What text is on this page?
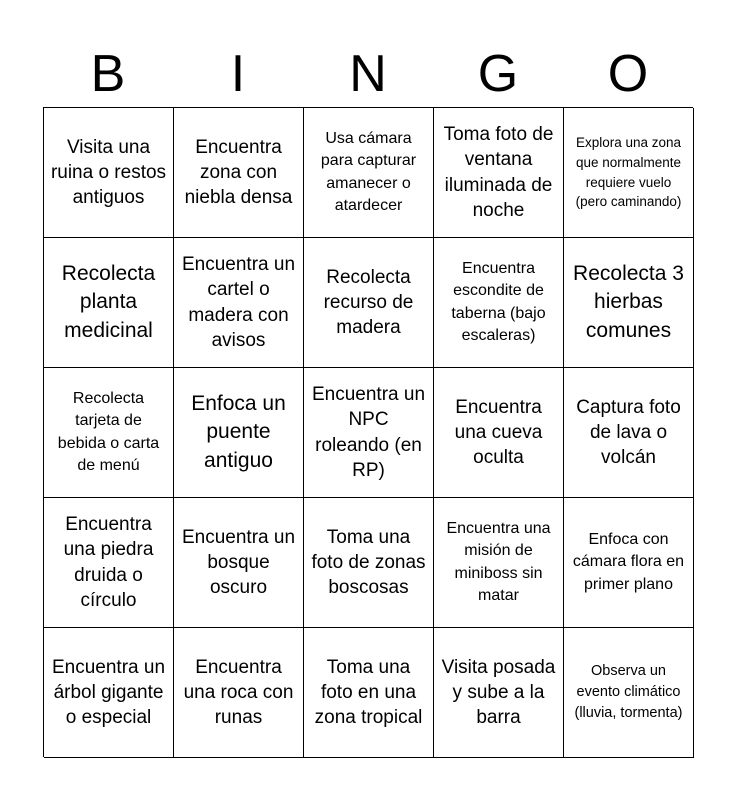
B	I	N	G	O
Visita una ruina o restos antiguos
Encuentra zona con niebla densa
Usa cámara para capturar amanecer o atardecer
Toma foto de ventana iluminada de noche
Explora una zona que normalmente requiere vuelo (pero caminando)
Recolecta planta medicinal
Encuentra un cartel o madera con avisos
Recolecta recurso de madera
Encuentra escondite de taberna (bajo escaleras)
Recolecta 3 hierbas comunes
Recolecta tarjeta de bebida o carta de menú
Enfoca un puente antiguo
Encuentra un NPC roleando (en RP)
Encuentra una cueva oculta
Captura foto de lava o volcán
Encuentra una piedra druida o círculo
Encuentra un bosque oscuro
Toma una foto de zonas boscosas
Encuentra una misión de miniboss sin matar
Enfoca con cámara flora en primer plano
Encuentra un árbol gigante o especial
Encuentra una roca con runas
Toma una foto en una zona tropical
Visita posada y sube a la barra
Observa un evento climático (lluvia, tormenta)
